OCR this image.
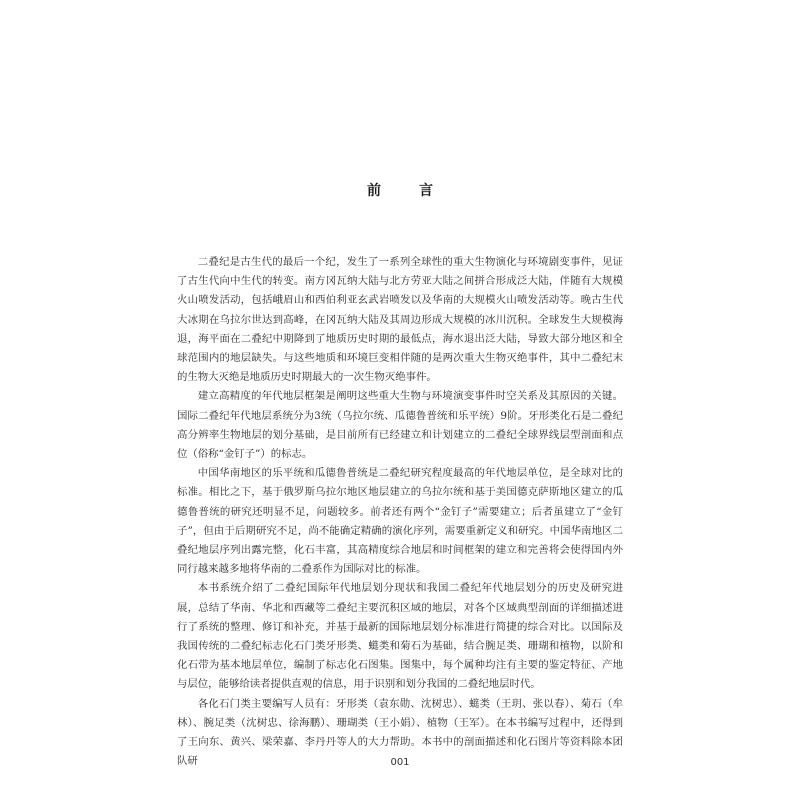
前　言

二叠纪是古生代的最后一个纪，发生了一系列全球性的重大生物演化与环境剧变事件，见证了古生代向中生代的转变。南方冈瓦纳大陆与北方劳亚大陆之间拼合形成泛大陆，伴随有大规模火山喷发活动，包括峨眉山和西伯利亚玄武岩喷发以及华南的大规模火山喷发活动等。晚古生代大冰期在乌拉尔世达到高峰，在冈瓦纳大陆及其周边形成大规模的冰川沉积。全球发生大规模海退，海平面在二叠纪中期降到了地质历史时期的最低点，海水退出泛大陆，导致大部分地区和全球范围内的地层缺失。与这些地质和环境巨变相伴随的是两次重大生物灭绝事件，其中二叠纪末的生物大灭绝是地质历史时期最大的一次生物灭绝事件。

建立高精度的年代地层框架是阐明这些重大生物与环境演变事件时空关系及其原因的关键。国际二叠纪年代地层系统分为3统（乌拉尔统、瓜德鲁普统和乐平统）9阶。牙形类化石是二叠纪高分辨率生物地层的划分基础，是目前所有已经建立和计划建立的二叠纪全球界线层型剖面和点位（俗称“金钉子”）的标志。

中国华南地区的乐平统和瓜德鲁普统是二叠纪研究程度最高的年代地层单位，是全球对比的标准。相比之下，基于俄罗斯乌拉尔地区地层建立的乌拉尔统和基于美国德克萨斯地区建立的瓜德鲁普统的研究还明显不足，问题较多。前者还有两个“金钉子”需要建立；后者虽建立了“金钉子”，但由于后期研究不足，尚不能确定精确的演化序列，需要重新定义和研究。中国华南地区二叠纪地层序列出露完整，化石丰富，其高精度综合地层和时间框架的建立和完善将会使得国内外同行越来越多地将华南的二叠系作为国际对比的标准。

本书系统介绍了二叠纪国际年代地层划分现状和我国二叠纪年代地层划分的历史及研究进展，总结了华南、华北和西藏等二叠纪主要沉积区域的地层，对各个区域典型剖面的详细描述进行了系统的整理、修订和补充，并基于最新的国际地层划分标准进行简捷的综合对比。以国际及我国传统的二叠纪标志化石门类牙形类、䗴类和菊石为基础，结合腕足类、珊瑚和植物，以阶和化石带为基本地层单位，编制了标志化石图集。图集中，每个属种均注有主要的鉴定特征、产地与层位，能够给读者提供直观的信息，用于识别和划分我国的二叠纪地层时代。

各化石门类主要编写人员有：牙形类（袁东勋、沈树忠）、䗴类（王玥、张以春）、菊石（牟林）、腕足类（沈树忠、徐海鹏）、珊瑚类（王小娟）、植物（王军）。在本书编写过程中，还得到了王向东、黄兴、梁荣嘉、李丹丹等人的大力帮助。本书中的剖面描述和化石图片等资料除本团队研	001
